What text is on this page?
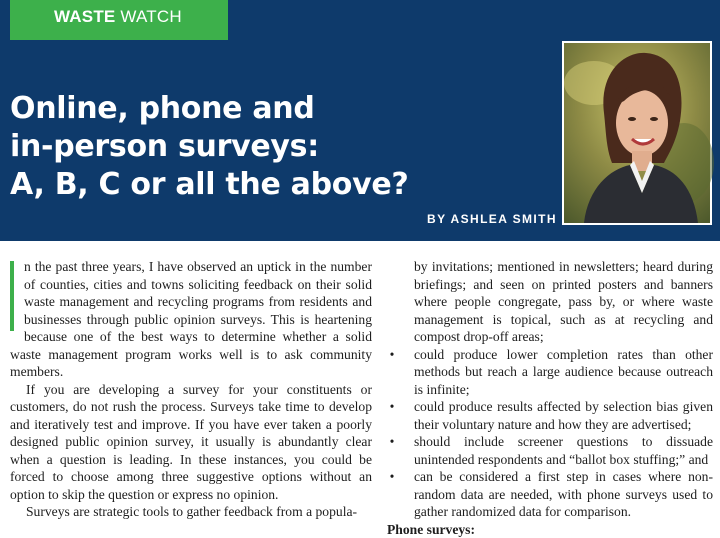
WASTE WATCH
Online, phone and
in-person surveys:
A, B, C or all the above?
BY ASHLEA SMITH
n the past three years, I have observed an uptick in the number of counties, cities and towns soliciting feedback on their solid waste management and recycling programs from residents and businesses through public opinion surveys. This is heartening because one of the best ways to determine whether a solid waste management program works well is to ask community members.
If you are developing a survey for your constituents or customers, do not rush the process. Surveys take time to develop and iteratively test and improve. If you have ever taken a poorly designed public opinion survey, it usually is abundantly clear when a question is leading. In these instances, you could be forced to choose among three suggestive options without an option to skip the question or express no opinion.
Surveys are strategic tools to gather feedback from a popula-
by invitations; mentioned in newsletters; heard during briefings; and seen on printed posters and banners where people congregate, pass by, or where waste management is topical, such as at recycling and compost drop-off areas;
• could produce lower completion rates than other methods but reach a large audience because outreach is infinite;
• could produce results affected by selection bias given their voluntary nature and how they are advertised;
• should include screener questions to dissuade unintended respondents and “ballot box stuffing;” and
• can be considered a first step in cases where non-random data are needed, with phone surveys used to gather randomized data for comparison.
Phone surveys:
